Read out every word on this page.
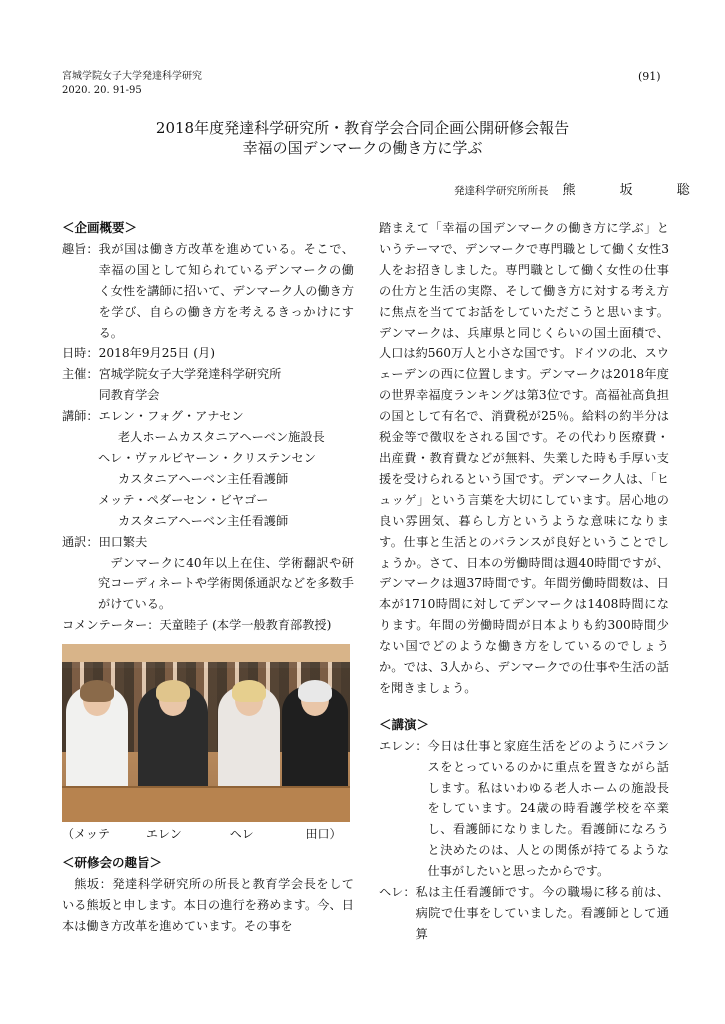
宮城学院女子大学発達科学研究
2020. 20. 91-95
(91)
2018年度発達科学研究所・教育学会合同企画公開研修会報告
幸福の国デンマークの働き方に学ぶ
発達科学研究所所長 熊 坂 聡
＜企画概要＞
趣旨： 我が国は働き方改革を進めている。そこで、幸福の国として知られているデンマークの働く女性を講師に招いて、デンマーク人の働き方を学び、自らの働き方を考えるきっかけにする。
日時： 2018年9月25日 (月)
主催： 宮城学院女子大学発達科学研究所
同教育学会
講師： エレン・フォグ・アナセン
老人ホームカスタニアヘーベン施設長
ヘレ・ヴァルビヤーン・クリステンセン
カスタニアヘーベン主任看護師
メッテ・ペダーセン・ビヤゴー
カスタニアヘーベン主任看護師
通訳： 田口繁夫
デンマークに40年以上在住、学術翻訳や研究コーディネートや学術関係通訳などを多数手がけている。
コメンテーター：天童睦子 (本学一般教育部教授)
（メッテ　　　エレン　　　　ヘレ　　　　 田口）
＜研修会の趣旨＞
熊坂：発達科学研究所の所長と教育学会長をしている熊坂と申します。本日の進行を務めます。今、日本は働き方改革を進めています。その事を
踏まえて「幸福の国デンマークの働き方に学ぶ」というテーマで、デンマークで専門職として働く女性3人をお招きしました。専門職として働く女性の仕事の仕方と生活の実際、そして働き方に対する考え方に焦点を当ててお話をしていただこうと思います。デンマークは、兵庫県と同じくらいの国土面積で、人口は約560万人と小さな国です。ドイツの北、スウェーデンの西に位置します。デンマークは2018年度の世界幸福度ランキングは第3位です。高福祉高負担の国として有名で、消費税が25％。給料の約半分は税金等で徴収をされる国です。その代わり医療費・出産費・教育費などが無料、失業した時も手厚い支援を受けられるという国です。デンマーク人は、「ヒュッゲ」という言葉を大切にしています。居心地の良い雰囲気、暮らし方というような意味になります。仕事と生活とのバランスが良好ということでしょうか。さて、日本の労働時間は週40時間ですが、デンマークは週37時間です。年間労働時間数は、日本が1710時間に対してデンマークは1408時間になります。年間の労働時間が日本よりも約300時間少ない国でどのような働き方をしているのでしょうか。では、3人から、デンマークでの仕事や生活の話を聞きましょう。
＜講演＞
エレン： 今日は仕事と家庭生活をどのようにバランスをとっているのかに重点を置きながら話します。私はいわゆる老人ホームの施設長をしています。24歳の時看護学校を卒業し、看護師になりました。看護師になろうと決めたのは、人との関係が持てるような仕事がしたいと思ったからです。
ヘレ： 私は主任看護師です。今の職場に移る前は、病院で仕事をしていました。看護師として通算
